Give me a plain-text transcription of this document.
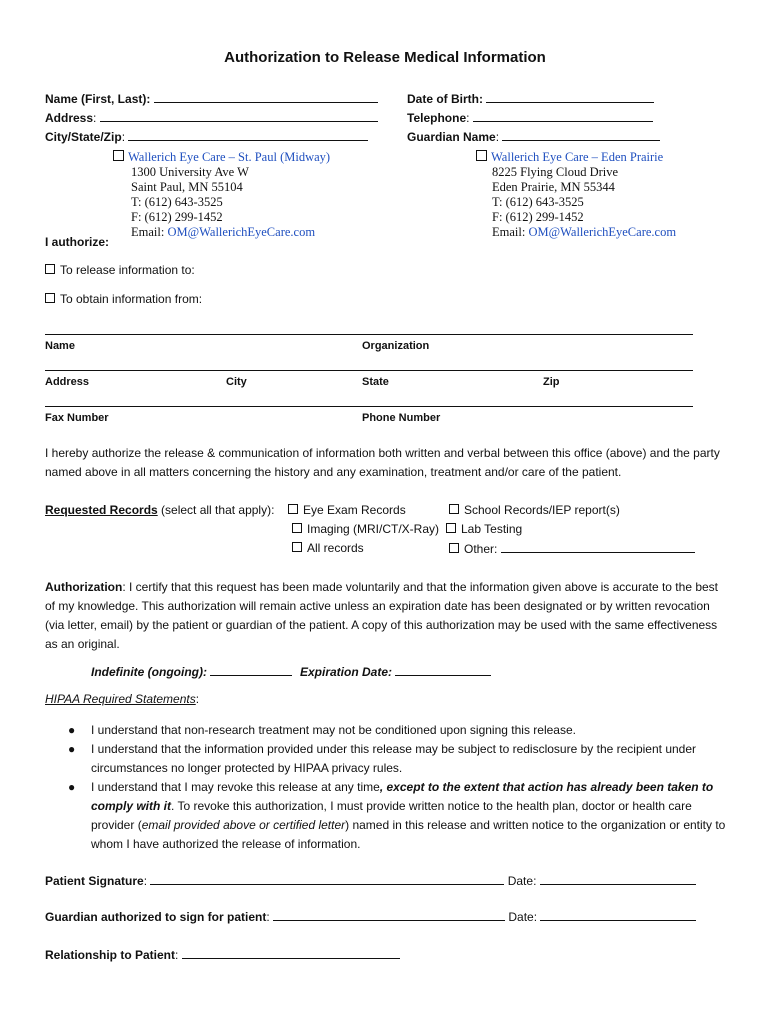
Authorization to Release Medical Information
Name (First, Last):
Address:
City/State/Zip:
Date of Birth:
Telephone:
Guardian Name:
Wallerich Eye Care – St. Paul (Midway)
1300 University Ave W
Saint Paul, MN 55104
T: (612) 643-3525
F: (612) 299-1452
Email: OM@WallerichEyeCare.com
Wallerich Eye Care – Eden Prairie
8225 Flying Cloud Drive
Eden Prairie, MN 55344
T: (612) 643-3525
F: (612) 299-1452
Email: OM@WallerichEyeCare.com
I authorize:
To release information to:
To obtain information from:
Name	Organization
Address	City	State	Zip
Fax Number	Phone Number
I hereby authorize the release & communication of information both written and verbal between this office (above) and the party named above in all matters concerning the history and any examination, treatment and/or care of the patient.
Requested Records (select all that apply):	Eye Exam Records	School Records/IEP report(s)
Imaging (MRI/CT/X-Ray)	Lab Testing
All records	Other:
Authorization: I certify that this request has been made voluntarily and that the information given above is accurate to the best of my knowledge. This authorization will remain active unless an expiration date has been designated or by written revocation (via letter, email) by the patient or guardian of the patient. A copy of this authorization may be used with the same effectiveness as an original.
Indefinite (ongoing):	Expiration Date:
HIPAA Required Statements:
● I understand that non-research treatment may not be conditioned upon signing this release.
● I understand that the information provided under this release may be subject to redisclosure by the recipient under circumstances no longer protected by HIPAA privacy rules.
● I understand that I may revoke this release at any time, except to the extent that action has already been taken to comply with it. To revoke this authorization, I must provide written notice to the health plan, doctor or health care provider (email provided above or certified letter) named in this release and written notice to the organization or entity to whom I have authorized the release of information.
Patient Signature:	Date:
Guardian authorized to sign for patient:	Date:
Relationship to Patient:
